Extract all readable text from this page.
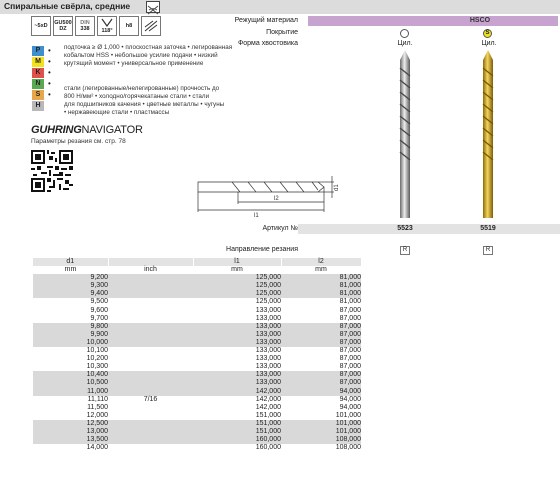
Спиральные свёрла, средние
~5xD	GU500
DZ
DIN
338	118°
h8
P •
M •
K •
N •
S •
H
подточка ≥ Ø 1,000 • плоскостная заточка • легированная
кобальтом HSS • небольшое усилие подачи • низкий
крутящий момент • универсальное применение
стали (легированные/нелегированные) прочность до
800 Н/мм² • холодно/горячекатаные стали • стали
для подшипников качения • цветные металлы • чугуны
• нержавеющие стали • пластмассы
GUHRINGNAVIGATOR
Параметры резания см. стр. 78
Режущий материал	HSCO
Покрытие	S
Форма хвостовика	Цил.	Цил.
l2
l1
d1
Артикул №	5523	5519
Направление резания	R	R
d1		l1	l2	
mm	inch	mm	mm	
9,200		125,000	81,000	
9,300		125,000	81,000	
9,400		125,000	81,000	
9,500		125,000	81,000	
9,600		133,000	87,000	
9,700		133,000	87,000	
9,800		133,000	87,000	
9,900		133,000	87,000	
10,000		133,000	87,000	
10,100		133,000	87,000	
10,200		133,000	87,000	
10,300		133,000	87,000	
10,400		133,000	87,000	
10,500		133,000	87,000	
11,000		142,000	94,000	
11,110	7/16	142,000	94,000	
11,500		142,000	94,000	
12,000		151,000	101,000	
12,500		151,000	101,000	
13,000		151,000	101,000	
13,500		160,000	108,000	
14,000		160,000	108,000	
